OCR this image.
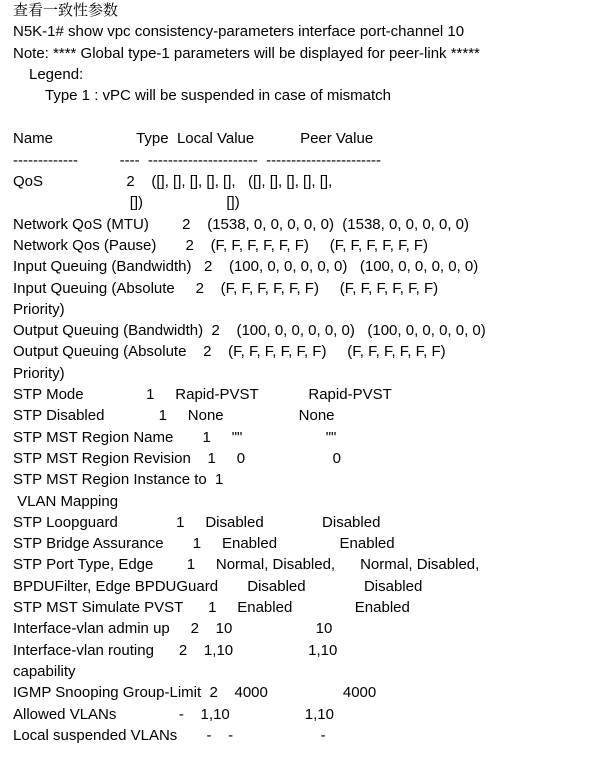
查看一致性参数
N5K-1# show vpc consistency-parameters interface port-channel 10
Note: **** Global type-1 parameters will be displayed for peer-link *****
Legend:
Type 1 : vPC will be suspended in case of mismatch
Name                    Type  Local Value           Peer Value
-------------          ----  ----------------------  -----------------------
QoS                    2    ([], [], [], [], [],   ([], [], [], [], [],
[])                    [])
Network QoS (MTU)        2    (1538, 0, 0, 0, 0, 0)  (1538, 0, 0, 0, 0, 0)
Network Qos (Pause)       2    (F, F, F, F, F, F)     (F, F, F, F, F, F)
Input Queuing (Bandwidth)   2    (100, 0, 0, 0, 0, 0)   (100, 0, 0, 0, 0, 0)
Input Queuing (Absolute     2    (F, F, F, F, F, F)     (F, F, F, F, F, F)
Priority)
Output Queuing (Bandwidth)  2    (100, 0, 0, 0, 0, 0)   (100, 0, 0, 0, 0, 0)
Output Queuing (Absolute    2    (F, F, F, F, F, F)     (F, F, F, F, F, F)
Priority)
STP Mode               1     Rapid-PVST            Rapid-PVST
STP Disabled             1     None                  None
STP MST Region Name       1     ""                    ""
STP MST Region Revision    1     0                     0
STP MST Region Instance to  1
VLAN Mapping
STP Loopguard              1     Disabled              Disabled
STP Bridge Assurance       1     Enabled               Enabled
STP Port Type, Edge        1     Normal, Disabled,      Normal, Disabled,
BPDUFilter, Edge BPDUGuard       Disabled              Disabled
STP MST Simulate PVST      1     Enabled               Enabled
Interface-vlan admin up     2    10                    10
Interface-vlan routing      2    1,10                  1,10
capability
IGMP Snooping Group-Limit  2    4000                  4000
Allowed VLANs               -    1,10                  1,10
Local suspended VLANs       -    -                     -
